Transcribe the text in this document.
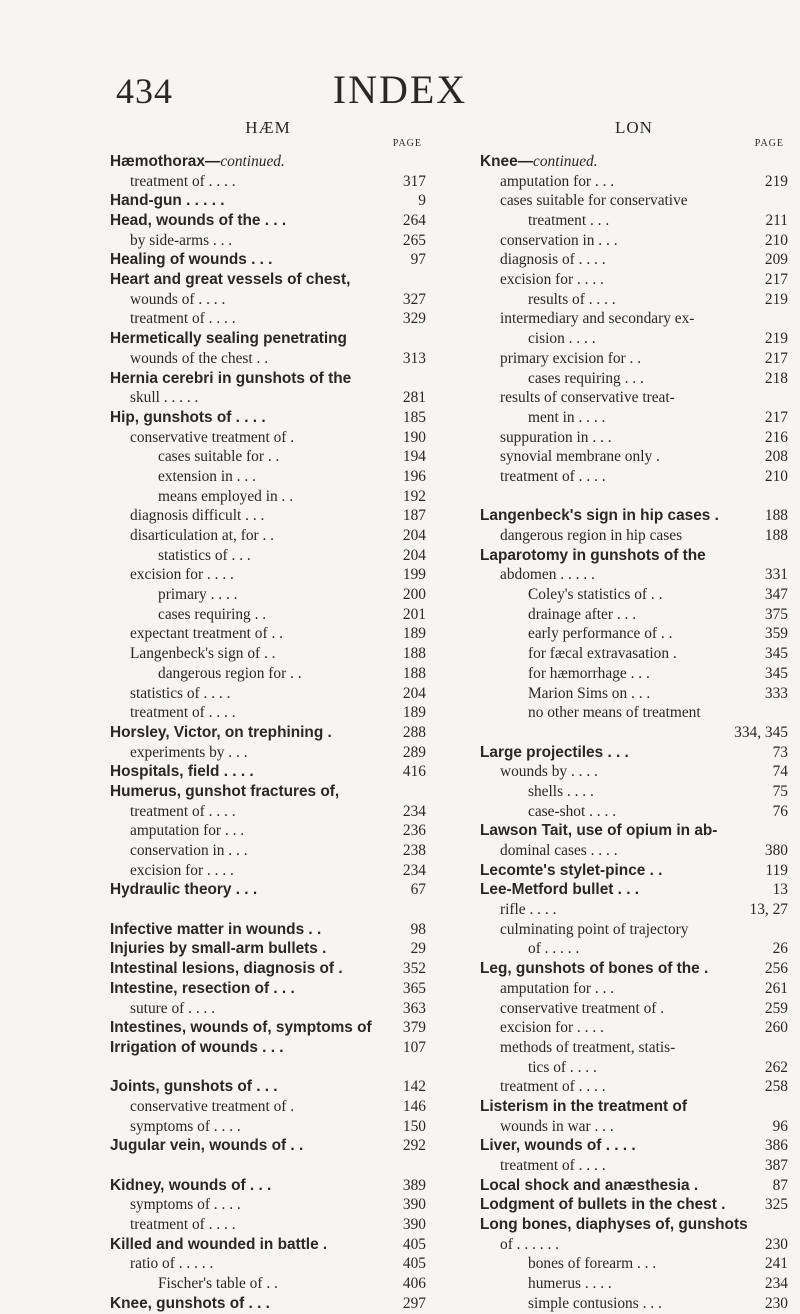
434	INDEX
HÆM
PAGE
Hæmothorax—continued.
treatment of . . . .	317
Hand-gun . . . . .	9
Head, wounds of the . . .	264
by side-arms . . .	265
Healing of wounds . . .	97
Heart and great vessels of chest,
wounds of . . . .	327
treatment of . . . .	329
Hermetically sealing penetrating
wounds of the chest . .	313
Hernia cerebri in gunshots of the
skull . . . . .	281
Hip, gunshots of . . . .	185
conservative treatment of .	190
cases suitable for . .	194
extension in . . .	196
means employed in . .	192
diagnosis difficult . . .	187
disarticulation at, for . .	204
statistics of . . .	204
excision for . . . .	199
primary . . . .	200
cases requiring . .	201
expectant treatment of . .	189
Langenbeck's sign of . .	188
dangerous region for . .	188
statistics of . . . .	204
treatment of . . . .	189
Horsley, Victor, on trephining .	288
experiments by . . .	289
Hospitals, field . . . .	416
Humerus, gunshot fractures of,
treatment of . . . .	234
amputation for . . .	236
conservation in . . .	238
excision for . . . .	234
Hydraulic theory . . .	67
Infective matter in wounds . .	98
Injuries by small-arm bullets .	29
Intestinal lesions, diagnosis of .	352
Intestine, resection of . . .	365
suture of . . . .	363
Intestines, wounds of, symptoms of	379
Irrigation of wounds . . .	107
Joints, gunshots of . . .	142
conservative treatment of .	146
symptoms of . . . .	150
Jugular vein, wounds of . .	292
Kidney, wounds of . . .	389
symptoms of . . . .	390
treatment of . . . .	390
Killed and wounded in battle .	405
ratio of . . . . .	405
Fischer's table of . .	406
Knee, gunshots of . . .	297
LON
PAGE
Knee—continued.
amputation for . . .	219
cases suitable for conservative
treatment . . .	211
conservation in . . .	210
diagnosis of . . . .	209
excision for . . . .	217
results of . . . .	219
intermediary and secondary ex-
cision . . . .	219
primary excision for . .	217
cases requiring . . .	218
results of conservative treat-
ment in . . . .	217
suppuration in . . .	216
synovial membrane only .	208
treatment of . . . .	210
Langenbeck's sign in hip cases .	188
dangerous region in hip cases	188
Laparotomy in gunshots of the
abdomen . . . . .	331
Coley's statistics of . .	347
drainage after . . .	375
early performance of . .	359
for fæcal extravasation .	345
for hæmorrhage . . .	345
Marion Sims on . . .	333
no other means of treatment
334, 345
Large projectiles . . .	73
wounds by . . . .	74
shells . . . .	75
case-shot . . . .	76
Lawson Tait, use of opium in ab-
dominal cases . . . .	380
Lecomte's stylet-pince . .	119
Lee-Metford bullet . . .	13
rifle . . . .	13, 27
culminating point of trajectory
of . . . . .	26
Leg, gunshots of bones of the .	256
amputation for . . .	261
conservative treatment of .	259
excision for . . . .	260
methods of treatment, statis-
tics of . . . .	262
treatment of . . . .	258
Listerism in the treatment of
wounds in war . . .	96
Liver, wounds of . . . .	386
treatment of . . . .	387
Local shock and anæsthesia .	87
Lodgment of bullets in the chest .	325
Long bones, diaphyses of, gunshots
of . . . . . .	230
bones of forearm . . .	241
humerus . . . .	234
simple contusions . . .	230
